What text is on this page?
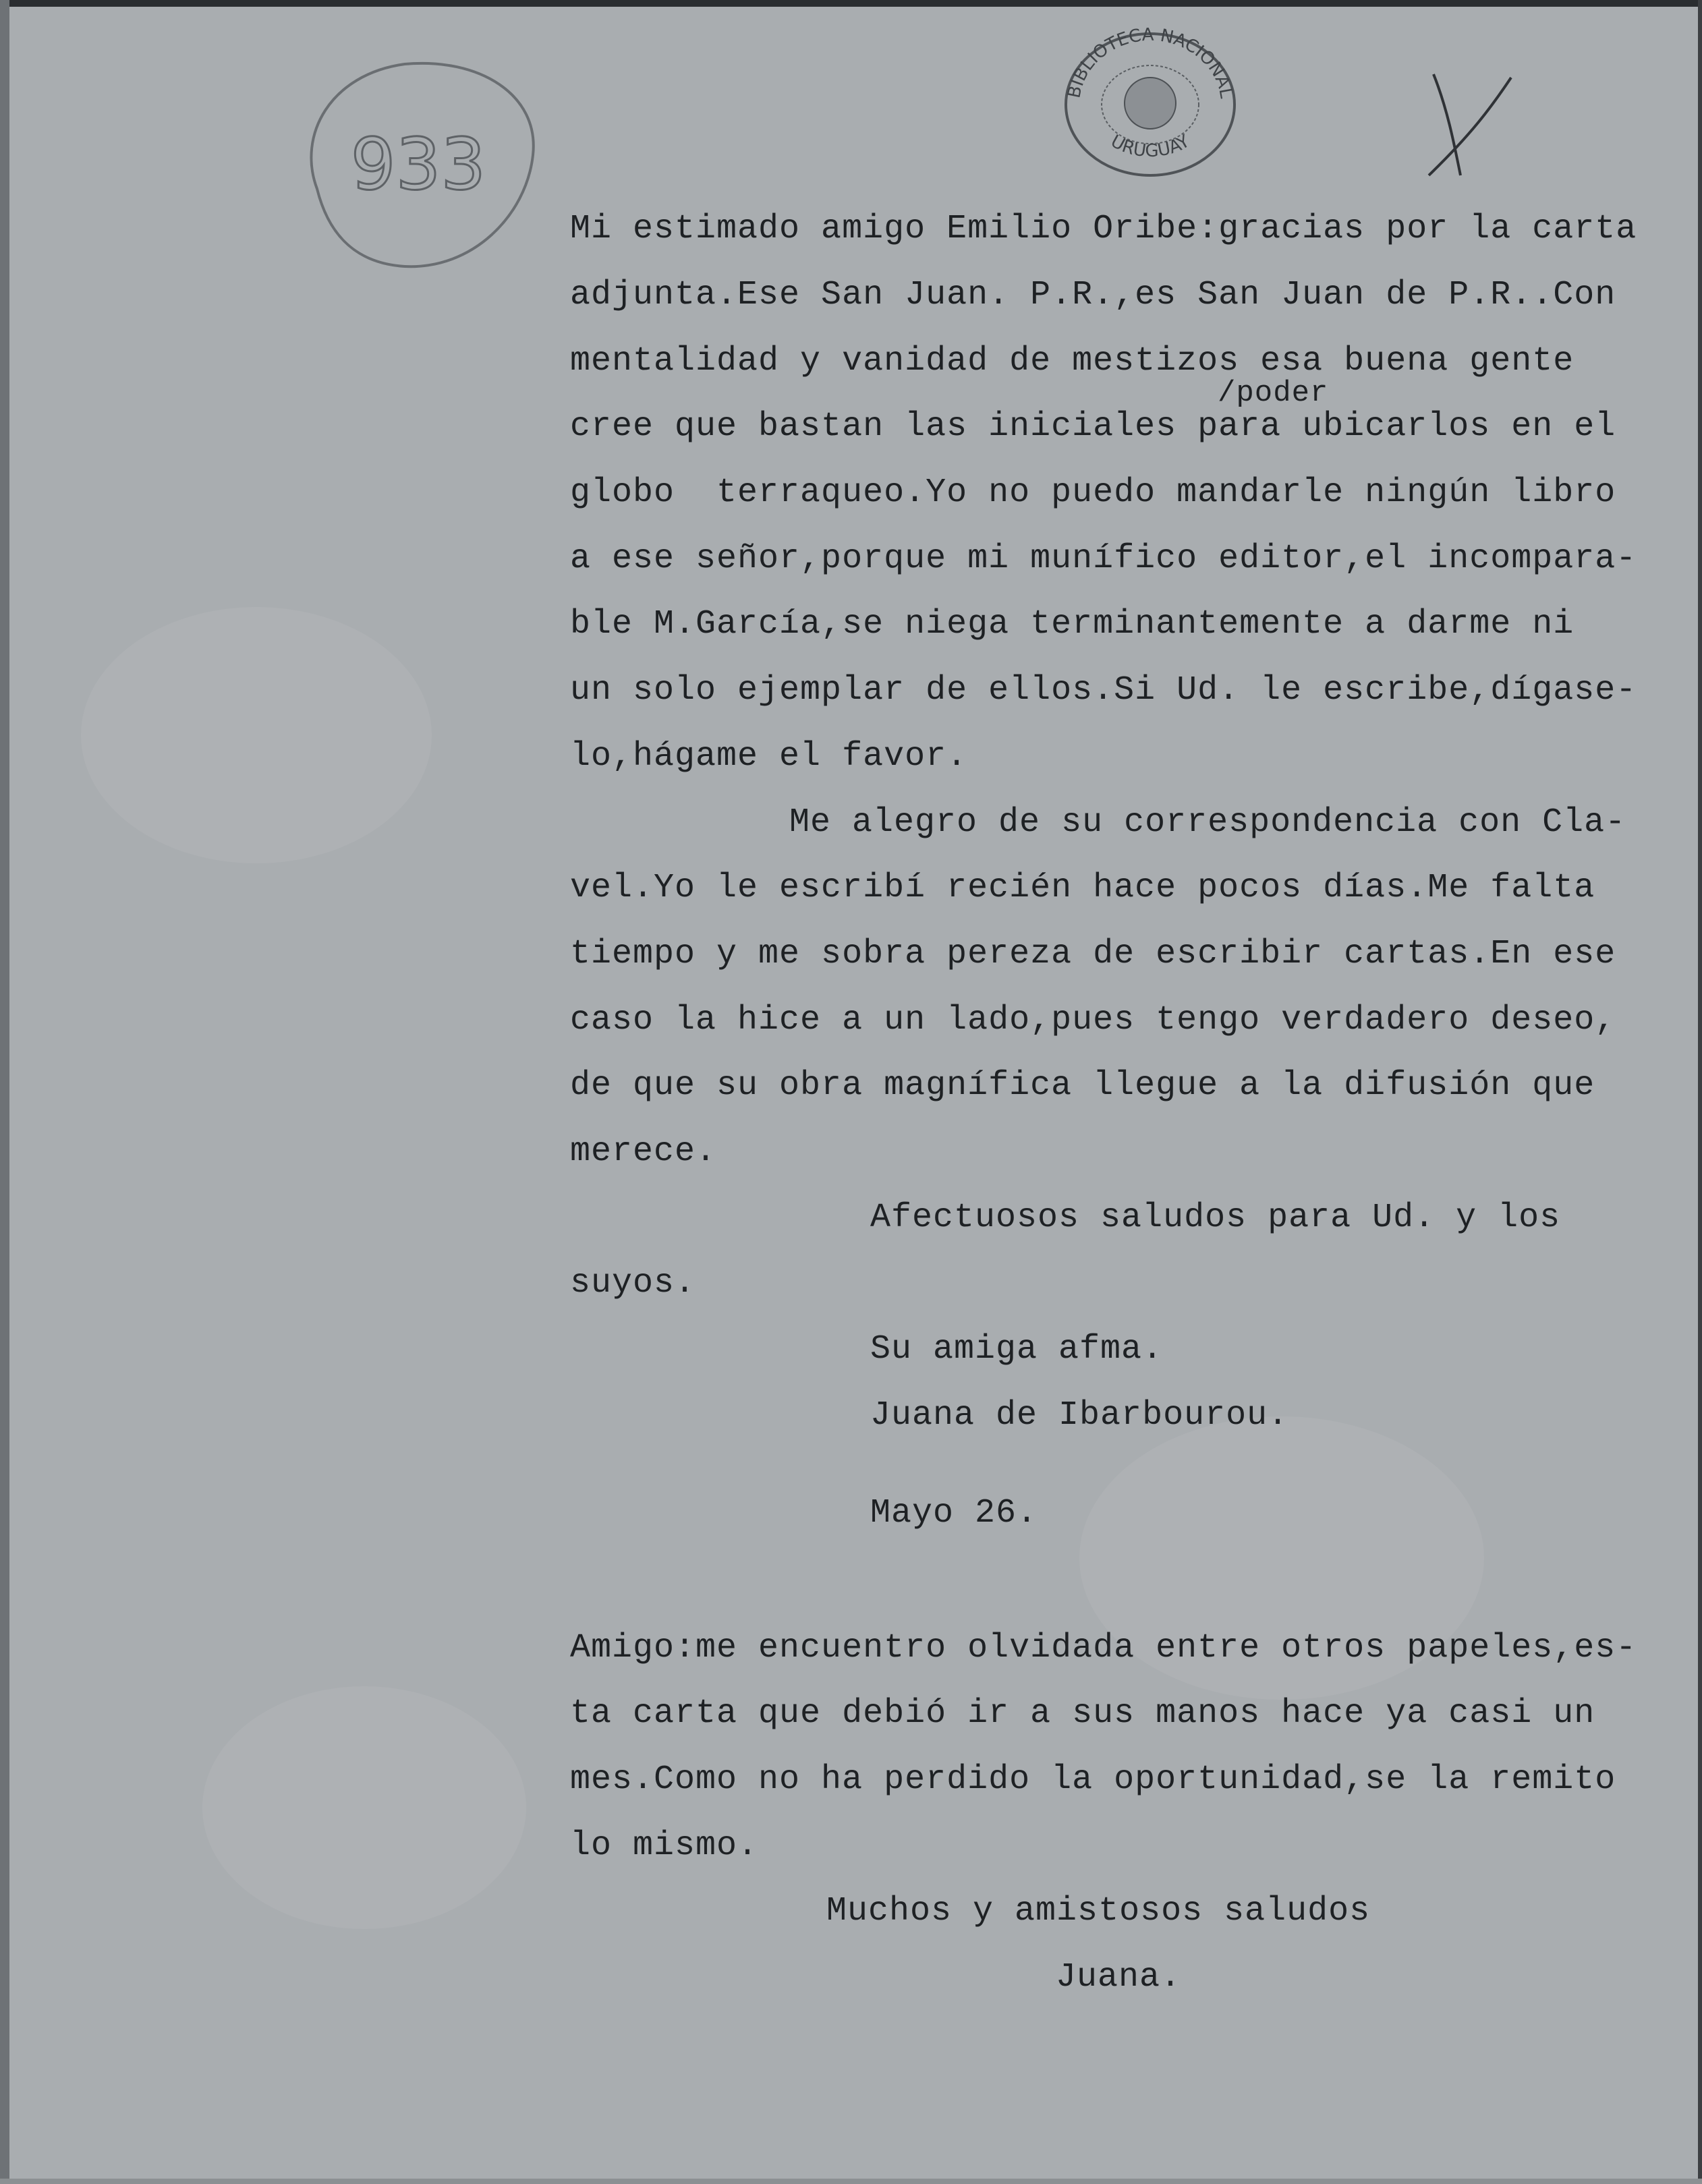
933
BIBLIOTECA NACIONAL
URUGUAY
Mi estimado amigo Emilio Oribe:gracias por la carta
adjunta.Ese San Juan. P.R.,es San Juan de P.R..Con
mentalidad y vanidad de mestizos esa buena gente
/poder
cree que bastan las iniciales para ubicarlos en el
globo  terraqueo.Yo no puedo mandarle ningún libro
a ese señor,porque mi munífico editor,el incompara-
ble M.García,se niega terminantemente a darme ni
un solo ejemplar de ellos.Si Ud. le escribe,dígase-
lo,hágame el favor.
Me alegro de su correspondencia con Cla-
vel.Yo le escribí recién hace pocos días.Me falta
tiempo y me sobra pereza de escribir cartas.En ese
caso la hice a un lado,pues tengo verdadero deseo,
de que su obra magnífica llegue a la difusión que
merece.
Afectuosos saludos para Ud. y los
suyos.
Su amiga afma.
Juana de Ibarbourou.
Mayo 26.
Amigo:me encuentro olvidada entre otros papeles,es-
ta carta que debió ir a sus manos hace ya casi un
mes.Como no ha perdido la oportunidad,se la remito
lo mismo.
Muchos y amistosos saludos
Juana.
